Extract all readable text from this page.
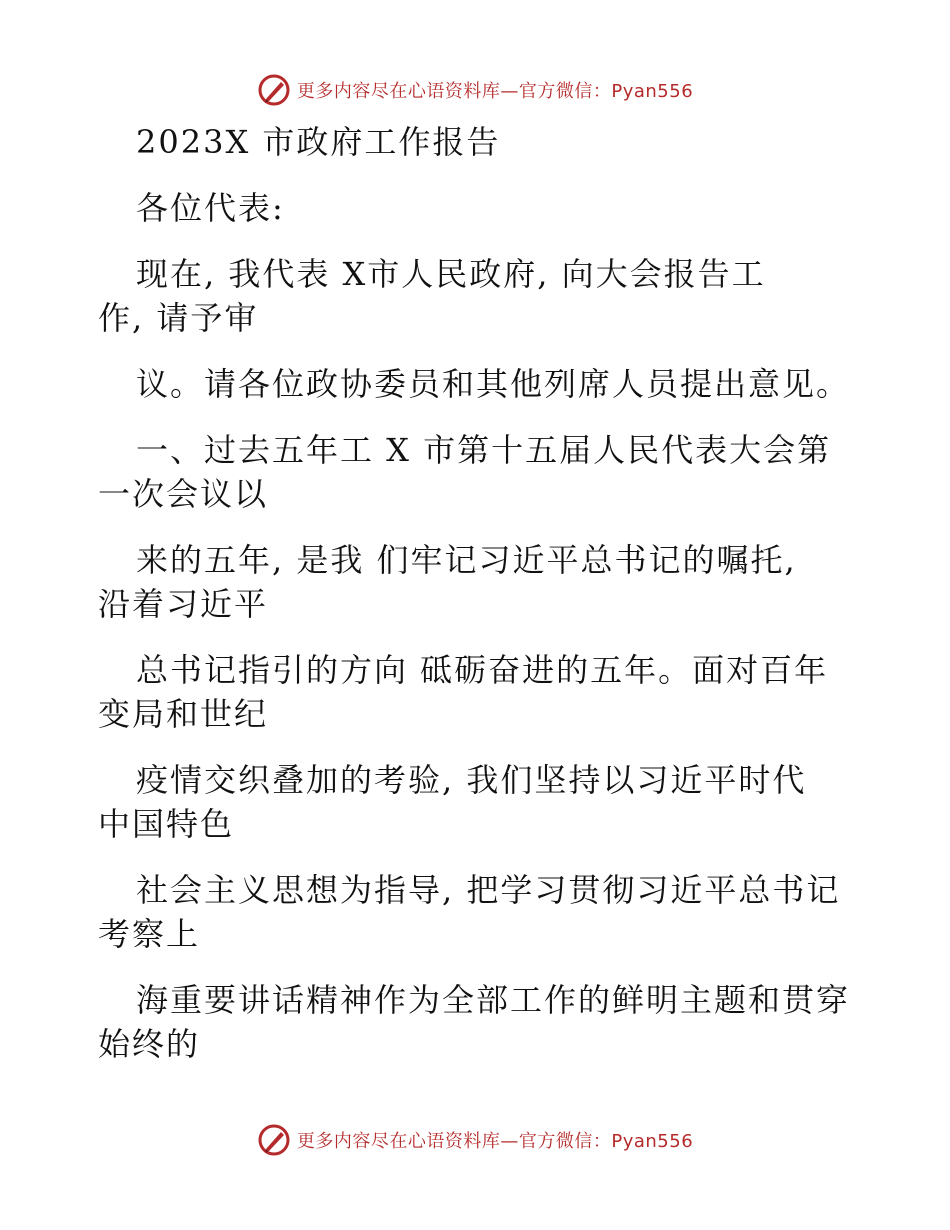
更多内容尽在心语资料库—官方微信：Pyan556
2023X 市政府工作报告
各位代表:
现在, 我代表 X市人民政府, 向大会报告工
作, 请予审
议。请各位政协委员和其他列席人员提出意见。
一、过去五年工 X 市第十五届人民代表大会第
一次会议以
来的五年, 是我 们牢记习近平总书记的嘱托,
沿着习近平
总书记指引的方向 砥砺奋进的五年。面对百年
变局和世纪
疫情交织叠加的考验, 我们坚持以习近平时代
中国特色
社会主义思想为指导, 把学习贯彻习近平总书记
考察上
海重要讲话精神作为全部工作的鲜明主题和贯穿
始终的
更多内容尽在心语资料库—官方微信：Pyan556
